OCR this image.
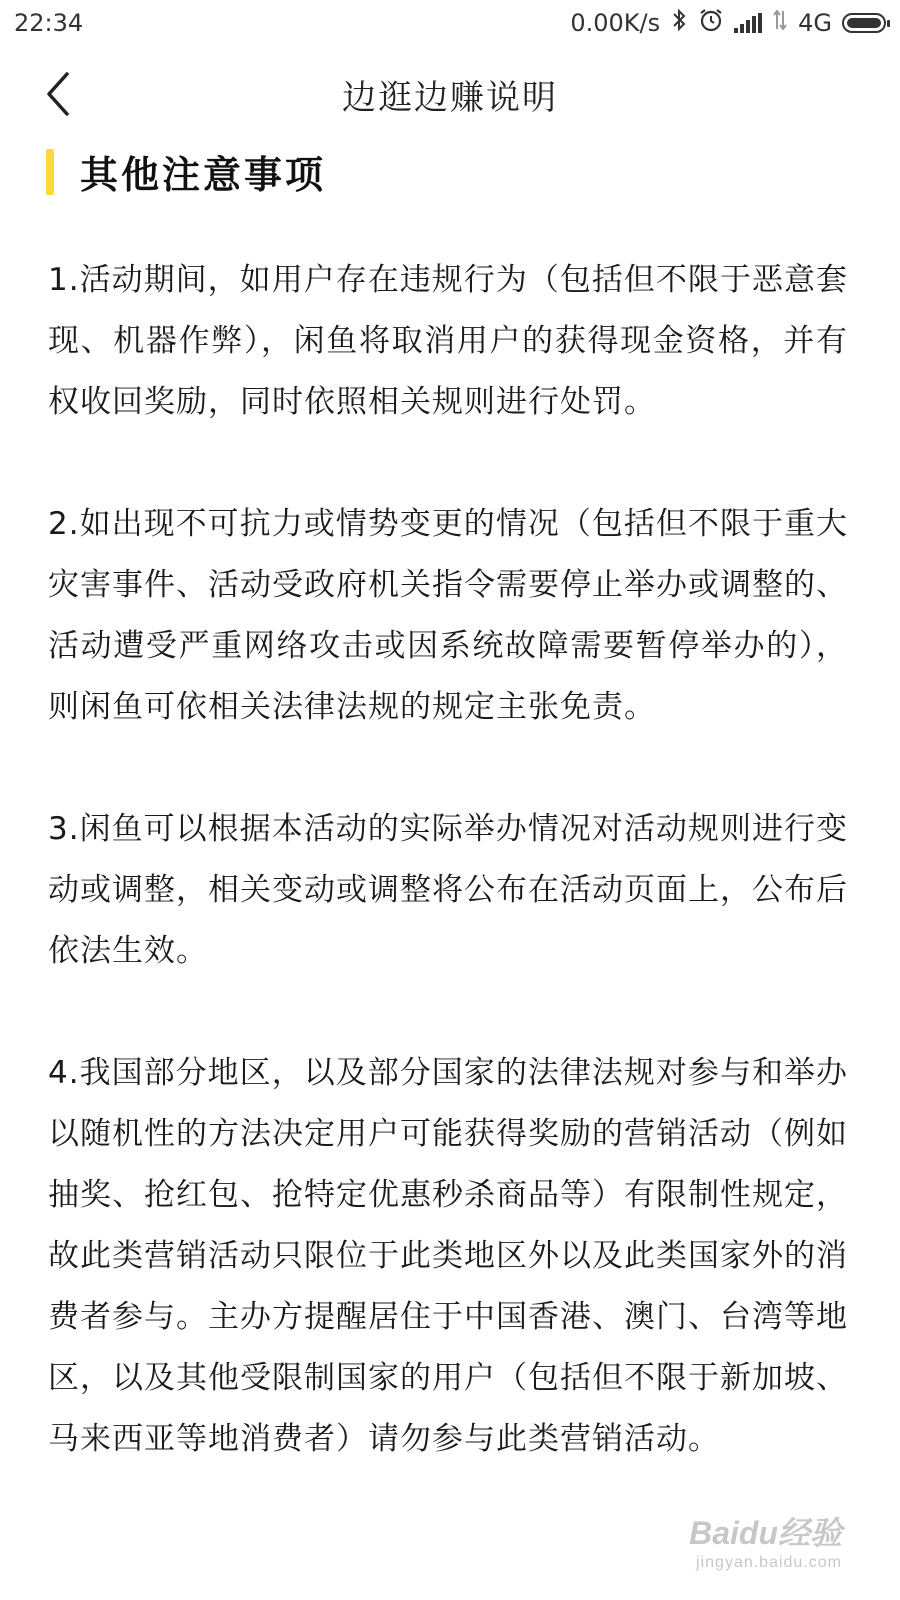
22:34	0.00K/s	4G
边逛边赚说明
其他注意事项

1.活动期间，如用户存在违规行为（包括但不限于恶意套现、机器作弊），闲鱼将取消用户的获得现金资格，并有权收回奖励，同时依照相关规则进行处罚。

2.如出现不可抗力或情势变更的情况（包括但不限于重大灾害事件、活动受政府机关指令需要停止举办或调整的、活动遭受严重网络攻击或因系统故障需要暂停举办的），则闲鱼可依相关法律法规的规定主张免责。

3.闲鱼可以根据本活动的实际举办情况对活动规则进行变动或调整，相关变动或调整将公布在活动页面上，公布后依法生效。

4.我国部分地区，以及部分国家的法律法规对参与和举办以随机性的方法决定用户可能获得奖励的营销活动（例如抽奖、抢红包、抢特定优惠秒杀商品等）有限制性规定，故此类营销活动只限位于此类地区外以及此类国家外的消费者参与。主办方提醒居住于中国香港、澳门、台湾等地区，以及其他受限制国家的用户（包括但不限于新加坡、马来西亚等地消费者）请勿参与此类营销活动。

Baidu经验
jingyan.baidu.com
